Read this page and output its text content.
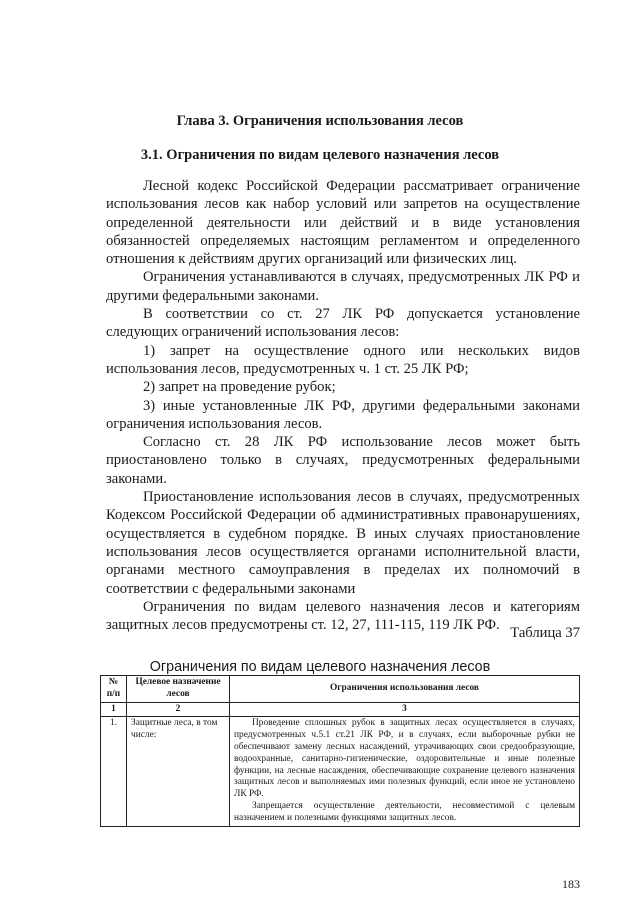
Глава 3. Ограничения использования лесов
3.1. Ограничения по видам целевого назначения лесов

Лесной кодекс Российской Федерации рассматривает ограничение использования лесов как набор условий или запретов на осуществление определенной деятельности или действий и в виде установления обязанностей определяемых настоящим регламентом и определенного отношения к действиям других организаций или физических лиц.

Ограничения устанавливаются в случаях, предусмотренных ЛК РФ и другими федеральными законами.

В соответствии со ст. 27 ЛК РФ допускается установление следующих ограничений использования лесов:

1) запрет на осуществление одного или нескольких видов использования лесов, предусмотренных ч. 1 ст. 25 ЛК РФ;

2) запрет на проведение рубок;

3) иные установленные ЛК РФ, другими федеральными законами ограничения использования лесов.

Согласно ст. 28 ЛК РФ использование лесов может быть приостановлено только в случаях, предусмотренных федеральными законами.

Приостановление использования лесов в случаях, предусмотренных Кодексом Российской Федерации об административных правонарушениях, осуществляется в судебном порядке. В иных случаях приостановление использования лесов осуществляется органами исполнительной власти, органами местного самоуправления в пределах их полномочий в соответствии с федеральными законами

Ограничения по видам целевого назначения лесов и категориям защитных лесов предусмотрены ст. 12, 27, 111-115, 119 ЛК РФ. Таблица 37
Ограничения по видам целевого назначения лесов
№ п/п	Целевое назначение лесов	Ограничения использования лесов
1	2	3
1.	Защитные леса, в том числе:	Проведение сплошных рубок в защитных лесах осуществляется в случаях, предусмотренных ч.5.1 ст.21 ЛК РФ, и в случаях, если выборочные рубки не обеспечивают замену лесных насаждений, утрачивающих свои средообразующие, водоохранные, санитарно-гигиенические, оздоровительные и иные полезные функции, на лесные насаждения, обеспечивающие сохранение целевого назначения защитных лесов и выполняемых ими полезных функций, если иное не установлено ЛК РФ.

Запрещается осуществление деятельности, несовместимой с целевым назначением и полезными функциями защитных лесов.

183
